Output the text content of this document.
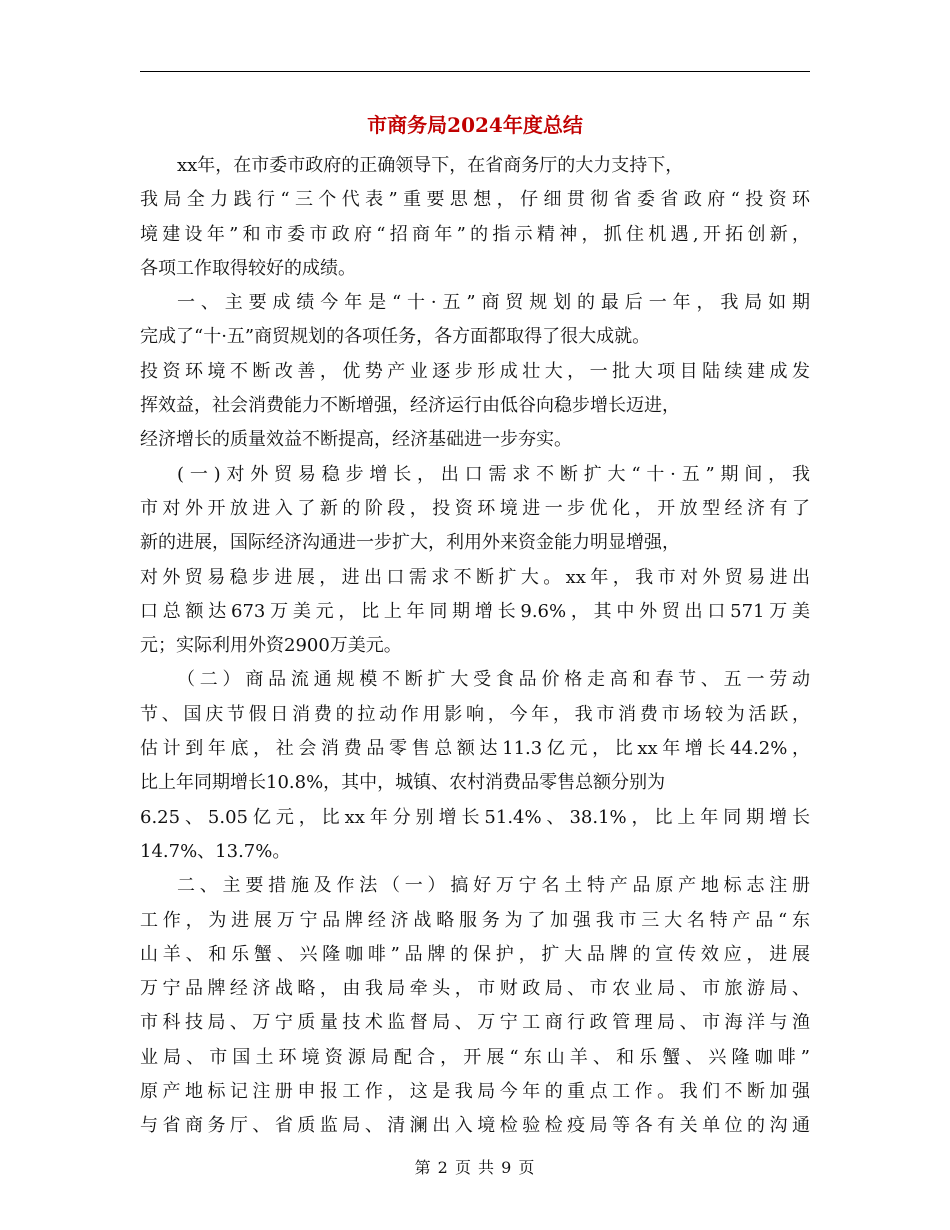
市商务局2024年度总结
xx年，在市委市政府的正确领导下，在省商务厅的大力支持下，
我局全力践行“三个代表”重要思想，仔细贯彻省委省政府“投资环
境建设年”和市委市政府“招商年”的指示精神，抓住机遇,开拓创新，
各项工作取得较好的成绩。
一、主要成绩今年是“十·五”商贸规划的最后一年，我局如期
完成了“十·五”商贸规划的各项任务，各方面都取得了很大成就。
投资环境不断改善，优势产业逐步形成壮大，一批大项目陆续建成发
挥效益，社会消费能力不断增强，经济运行由低谷向稳步增长迈进，
经济增长的质量效益不断提高，经济基础进一步夯实。
(一)对外贸易稳步增长，出口需求不断扩大“十·五”期间，我
市对外开放进入了新的阶段，投资环境进一步优化，开放型经济有了
新的进展，国际经济沟通进一步扩大，利用外来资金能力明显增强，
对外贸易稳步进展，进出口需求不断扩大。xx年，我市对外贸易进出
口总额达673万美元，比上年同期增长9.6%，其中外贸出口571万美
元；实际利用外资2900万美元。
（二）商品流通规模不断扩大受食品价格走高和春节、五一劳动
节、国庆节假日消费的拉动作用影响，今年，我市消费市场较为活跃，
估计到年底，社会消费品零售总额达11.3亿元，比xx年增长44.2%，
比上年同期增长10.8%，其中，城镇、农村消费品零售总额分别为
6.25、5.05亿元，比xx年分别增长51.4%、38.1%，比上年同期增长
14.7%、13.7%。
二、主要措施及作法（一）搞好万宁名土特产品原产地标志注册
工作，为进展万宁品牌经济战略服务为了加强我市三大名特产品“东
山羊、和乐蟹、兴隆咖啡”品牌的保护，扩大品牌的宣传效应，进展
万宁品牌经济战略，由我局牵头，市财政局、市农业局、市旅游局、
市科技局、万宁质量技术监督局、万宁工商行政管理局、市海洋与渔
业局、市国土环境资源局配合，开展“东山羊、和乐蟹、兴隆咖啡”
原产地标记注册申报工作，这是我局今年的重点工作。我们不断加强
与省商务厅、省质监局、清澜出入境检验检疫局等各有关单位的沟通
第 2 页 共 9 页
